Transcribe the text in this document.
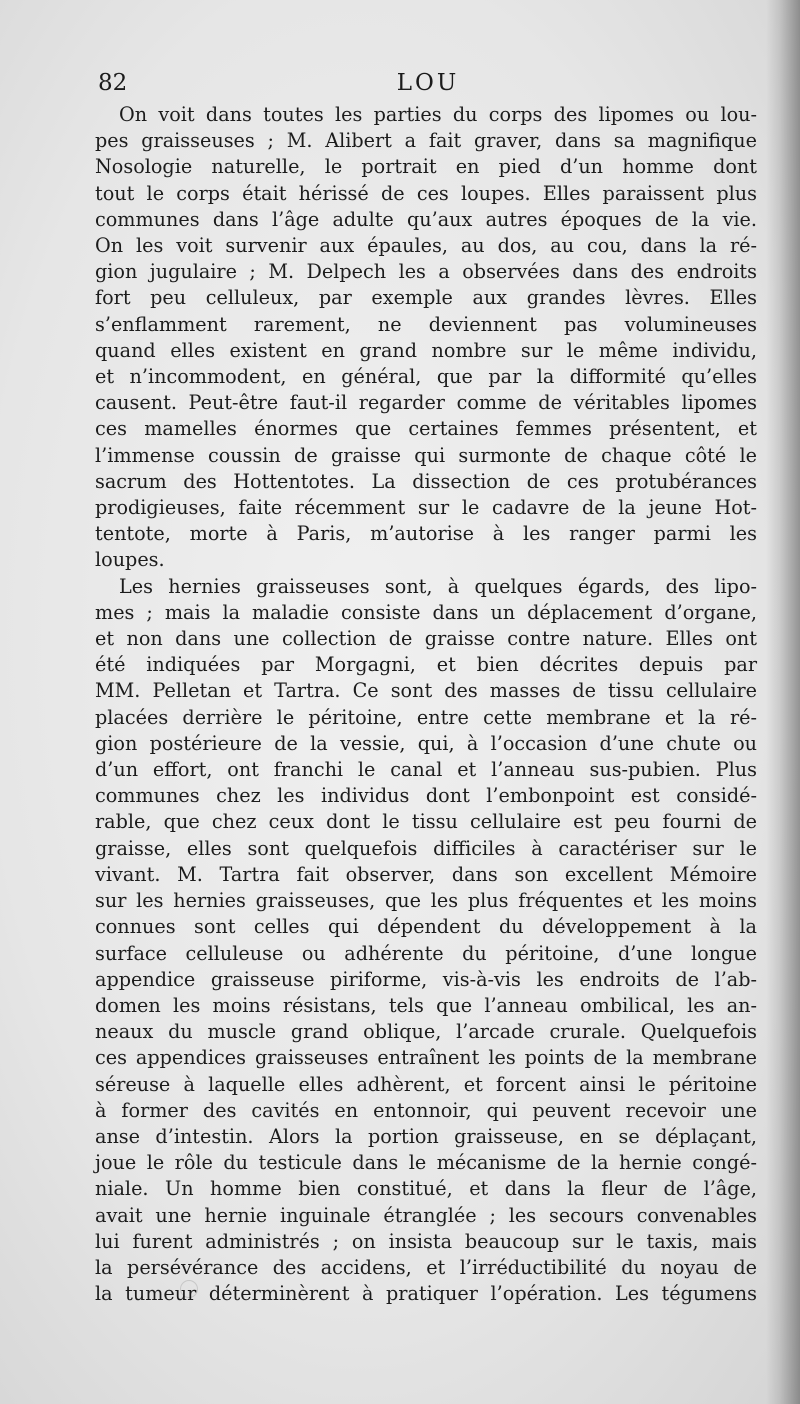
82	LOU

On voit dans toutes les parties du corps des lipomes ou lou-
pes graisseuses ; M. Alibert a fait graver, dans sa magnifique
Nosologie naturelle, le portrait en pied d’un homme dont
tout le corps était hérissé de ces loupes. Elles paraissent plus
communes dans l’âge adulte qu’aux autres époques de la vie.
On les voit survenir aux épaules, au dos, au cou, dans la ré-
gion jugulaire ; M. Delpech les a observées dans des endroits
fort peu celluleux, par exemple aux grandes lèvres. Elles
s’enflamment rarement, ne deviennent pas volumineuses
quand elles existent en grand nombre sur le même individu,
et n’incommodent, en général, que par la difformité qu’elles
causent. Peut-être faut-il regarder comme de véritables lipomes
ces mamelles énormes que certaines femmes présentent, et
l’immense coussin de graisse qui surmonte de chaque côté le
sacrum des Hottentotes. La dissection de ces protubérances
prodigieuses, faite récemment sur le cadavre de la jeune Hot-
tentote, morte à Paris, m’autorise à les ranger parmi les
loupes.

Les hernies graisseuses sont, à quelques égards, des lipo-
mes ; mais la maladie consiste dans un déplacement d’organe,
et non dans une collection de graisse contre nature. Elles ont
été indiquées par Morgagni, et bien décrites depuis par
MM. Pelletan et Tartra. Ce sont des masses de tissu cellulaire
placées derrière le péritoine, entre cette membrane et la ré-
gion postérieure de la vessie, qui, à l’occasion d’une chute ou
d’un effort, ont franchi le canal et l’anneau sus-pubien. Plus
communes chez les individus dont l’embonpoint est considé-
rable, que chez ceux dont le tissu cellulaire est peu fourni de
graisse, elles sont quelquefois difficiles à caractériser sur le
vivant. M. Tartra fait observer, dans son excellent Mémoire
sur les hernies graisseuses, que les plus fréquentes et les moins
connues sont celles qui dépendent du développement à la
surface celluleuse ou adhérente du péritoine, d’une longue
appendice graisseuse piriforme, vis-à-vis les endroits de l’ab-
domen les moins résistans, tels que l’anneau ombilical, les an-
neaux du muscle grand oblique, l’arcade crurale. Quelquefois
ces appendices graisseuses entraînent les points de la membrane
séreuse à laquelle elles adhèrent, et forcent ainsi le péritoine
à former des cavités en entonnoir, qui peuvent recevoir une
anse d’intestin. Alors la portion graisseuse, en se déplaçant,
joue le rôle du testicule dans le mécanisme de la hernie congé-
niale. Un homme bien constitué, et dans la fleur de l’âge,
avait une hernie inguinale étranglée ; les secours convenables
lui furent administrés ; on insista beaucoup sur le taxis, mais
la persévérance des accidens, et l’irréductibilité du noyau de
la tumeur déterminèrent à pratiquer l’opération. Les tégumens
